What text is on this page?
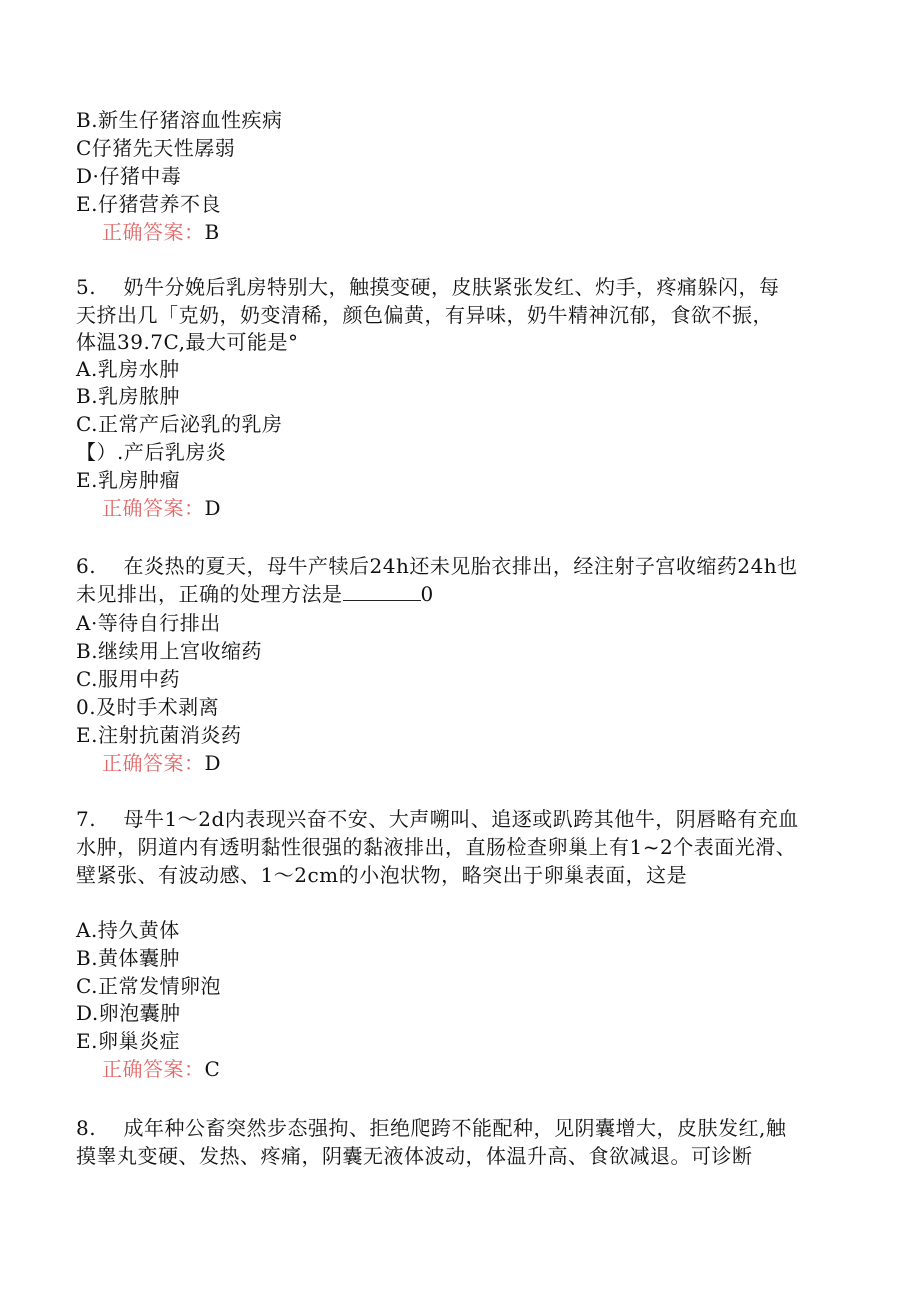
B.新生仔猪溶血性疾病
C仔猪先天性孱弱
D·仔猪中毒
E.仔猪营养不良
正确答案：B
5.    奶牛分娩后乳房特别大，触摸变硬，皮肤紧张发红、灼手，疼痛躲闪，每
天挤出几「克奶，奶变清稀，颜色偏黄，有异味，奶牛精神沉郁，食欲不振，
体温39.7C,最大可能是°
A.乳房水肿
B.乳房脓肿
C.正常产后泌乳的乳房
【）.产后乳房炎
E.乳房肿瘤
正确答案：D
6.    在炎热的夏天，母牛产犊后24h还未见胎衣排出，经注射子宫收缩药24h也
未见排出，正确的处理方法是	0
A·等待自行排出
B.继续用上宫收缩药
C.服用中药
0.及时手术剥离
E.注射抗菌消炎药
正确答案：D
7.    母牛1～2d内表现兴奋不安、大声嗍叫、追逐或趴跨其他牛，阴唇略有充血
水肿，阴道内有透明黏性很强的黏液排出，直肠检查卵巢上有1~2个表面光滑、
壁紧张、有波动感、1～2cm的小泡状物，略突出于卵巢表面，这是
A.持久黄体
B.黄体囊肿
C.正常发情卵泡
D.卵泡囊肿
E.卵巢炎症
正确答案：C
8.    成年种公畜突然步态强拘、拒绝爬跨不能配种，见阴囊增大，皮肤发红,触
摸睾丸变硬、发热、疼痛，阴囊无液体波动，体温升高、食欲减退。可诊断
